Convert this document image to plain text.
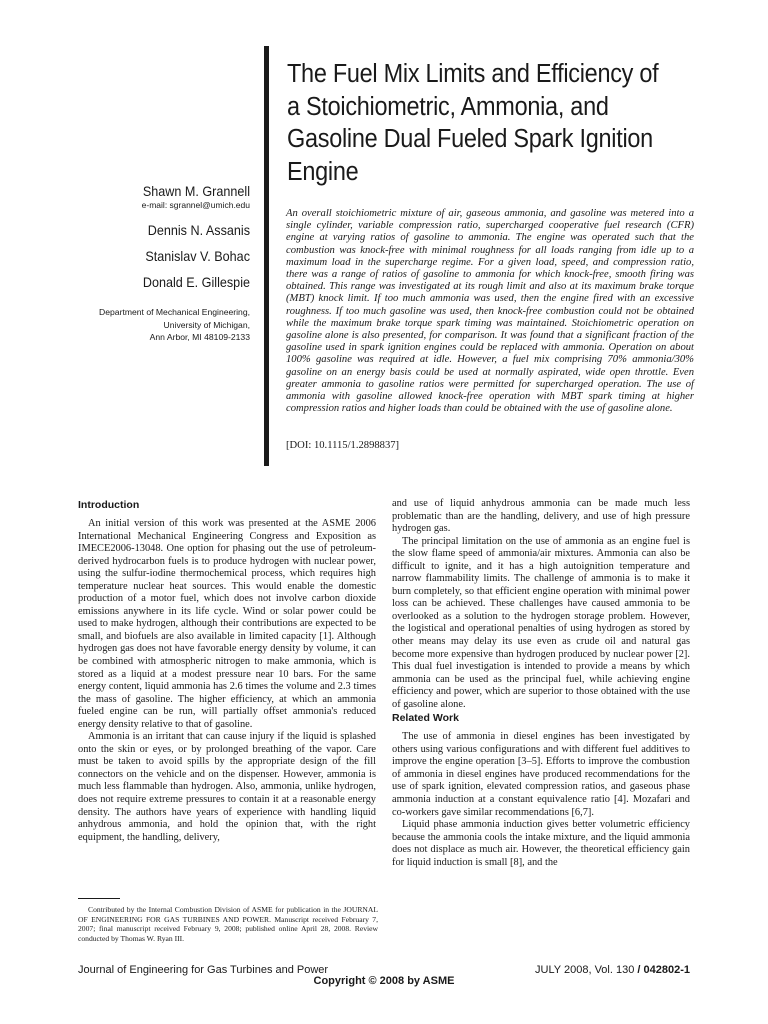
The Fuel Mix Limits and Efficiency of a Stoichiometric, Ammonia, and Gasoline Dual Fueled Spark Ignition Engine
Shawn M. Grannell
e-mail: sgrannel@umich.edu
Dennis N. Assanis
Stanislav V. Bohac
Donald E. Gillespie
Department of Mechanical Engineering,
University of Michigan,
Ann Arbor, MI 48109-2133
An overall stoichiometric mixture of air, gaseous ammonia, and gasoline was metered into a single cylinder, variable compression ratio, supercharged cooperative fuel research (CFR) engine at varying ratios of gasoline to ammonia. The engine was operated such that the combustion was knock-free with minimal roughness for all loads ranging from idle up to a maximum load in the supercharge regime. For a given load, speed, and compression ratio, there was a range of ratios of gasoline to ammonia for which knock-free, smooth firing was obtained. This range was investigated at its rough limit and also at its maximum brake torque (MBT) knock limit. If too much ammonia was used, then the engine fired with an excessive roughness. If too much gasoline was used, then knock-free combustion could not be obtained while the maximum brake torque spark timing was maintained. Stoichiometric operation on gasoline alone is also presented, for comparison. It was found that a significant fraction of the gasoline used in spark ignition engines could be replaced with ammonia. Operation on about 100% gasoline was required at idle. However, a fuel mix comprising 70% ammonia/30% gasoline on an energy basis could be used at normally aspirated, wide open throttle. Even greater ammonia to gasoline ratios were permitted for supercharged operation. The use of ammonia with gasoline allowed knock-free operation with MBT spark timing at higher compression ratios and higher loads than could be obtained with the use of gasoline alone.
[DOI: 10.1115/1.2898837]
Introduction

An initial version of this work was presented at the ASME 2006 International Mechanical Engineering Congress and Exposition as IMECE2006-13048. One option for phasing out the use of petroleum-derived hydrocarbon fuels is to produce hydrogen with nuclear power, using the sulfur-iodine thermochemical process, which requires high temperature nuclear heat sources. This would enable the domestic production of a motor fuel, which does not involve carbon dioxide emissions anywhere in its life cycle. Wind or solar power could be used to make hydrogen, although their contributions are expected to be small, and biofuels are also available in limited capacity [1]. Although hydrogen gas does not have favorable energy density by volume, it can be combined with atmospheric nitrogen to make ammonia, which is stored as a liquid at a modest pressure near 10 bars. For the same energy content, liquid ammonia has 2.6 times the volume and 2.3 times the mass of gasoline. The higher efficiency, at which an ammonia fueled engine can be run, will partially offset ammonia's reduced energy density relative to that of gasoline.

Ammonia is an irritant that can cause injury if the liquid is splashed onto the skin or eyes, or by prolonged breathing of the vapor. Care must be taken to avoid spills by the appropriate design of the fill connectors on the vehicle and on the dispenser. However, ammonia is much less flammable than hydrogen. Also, ammonia, unlike hydrogen, does not require extreme pressures to contain it at a reasonable energy density. The authors have years of experience with handling liquid anhydrous ammonia, and hold the opinion that, with the right equipment, the handling, delivery,

and use of liquid anhydrous ammonia can be made much less problematic than are the handling, delivery, and use of high pressure hydrogen gas.

The principal limitation on the use of ammonia as an engine fuel is the slow flame speed of ammonia/air mixtures. Ammonia can also be difficult to ignite, and it has a high autoignition temperature and narrow flammability limits. The challenge of ammonia is to make it burn completely, so that efficient engine operation with minimal power loss can be achieved. These challenges have caused ammonia to be overlooked as a solution to the hydrogen storage problem. However, the logistical and operational penalties of using hydrogen as stored by other means may delay its use even as crude oil and natural gas become more expensive than hydrogen produced by nuclear power [2]. This dual fuel investigation is intended to provide a means by which ammonia can be used as the principal fuel, while achieving engine efficiency and power, which are superior to those obtained with the use of gasoline alone.

Related Work

The use of ammonia in diesel engines has been investigated by others using various configurations and with different fuel additives to improve the engine operation [3–5]. Efforts to improve the combustion of ammonia in diesel engines have produced recommendations for the use of spark ignition, elevated compression ratios, and gaseous phase ammonia induction at a constant equivalence ratio [4]. Mozafari and co-workers gave similar recommendations [6,7].

Liquid phase ammonia induction gives better volumetric efficiency because the ammonia cools the intake mixture, and the liquid ammonia does not displace as much air. However, the theoretical efficiency gain for liquid induction is small [8], and the

Contributed by the Internal Combustion Division of ASME for publication in the JOURNAL OF ENGINEERING FOR GAS TURBINES AND POWER. Manuscript received February 7, 2007; final manuscript received February 9, 2008; published online April 28, 2008. Review conducted by Thomas W. Ryan III.
Journal of Engineering for Gas Turbines and Power	JULY 2008, Vol. 130 / 042802-1
Copyright © 2008 by ASME
